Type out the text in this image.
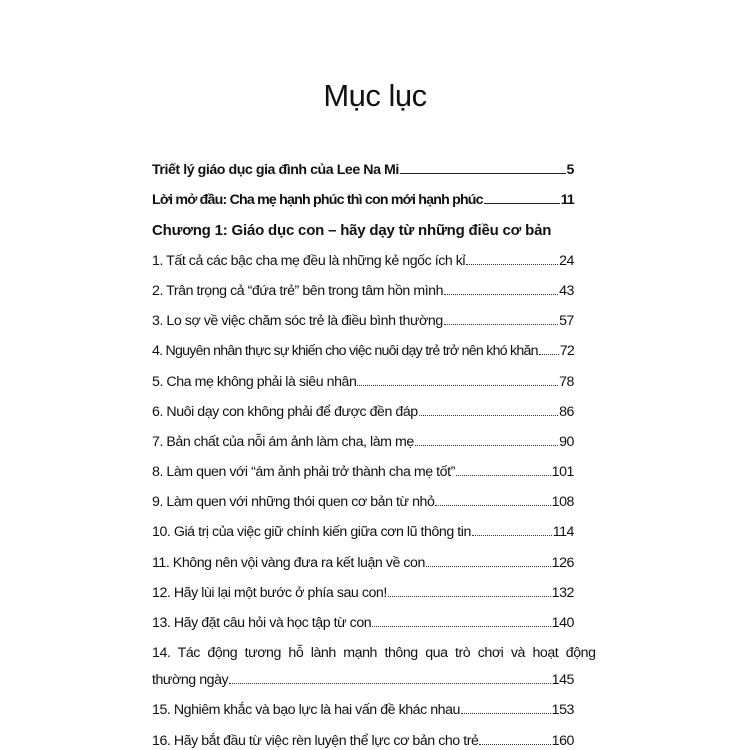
Mục lục
Triết lý giáo dục gia đình của Lee Na Mi	5
Lời mở đầu: Cha mẹ hạnh phúc thì con mới hạnh phúc	11
Chương 1: Giáo dục con – hãy dạy từ những điều cơ bản
1. Tất cả các bậc cha mẹ đều là những kẻ ngốc ích kỉ	24
2. Trân trọng cả “đứa trẻ” bên trong tâm hồn mình	43
3. Lo sợ về việc chăm sóc trẻ là điều bình thường	57
4. Nguyên nhân thực sự khiến cho việc nuôi dạy trẻ trở nên khó khăn 72
5. Cha mẹ không phải là siêu nhân	78
6. Nuôi dạy con không phải để được đền đáp	86
7. Bản chất của nỗi ám ảnh làm cha, làm mẹ	90
8. Làm quen với “ám ảnh phải trở thành cha mẹ tốt”	101
9. Làm quen với những thói quen cơ bản từ nhỏ	108
10. Giá trị của việc giữ chính kiến giữa cơn lũ thông tin	114
11. Không nên vội vàng đưa ra kết luận về con	126
12. Hãy lùi lại một bước ở phía sau con!	132
13. Hãy đặt câu hỏi và học tập từ con	140
14. Tác động tương hỗ lành mạnh thông qua trò chơi và hoạt động
thường ngày	145
15. Nghiêm khắc và bạo lực là hai vấn đề khác nhau	153
16. Hãy bắt đầu từ việc rèn luyện thể lực cơ bản cho trẻ	160
